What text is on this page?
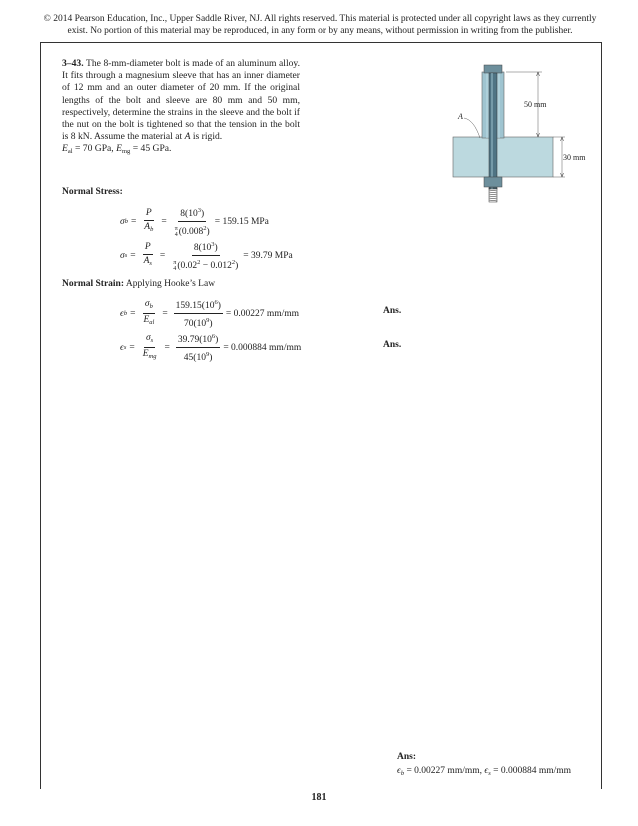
© 2014 Pearson Education, Inc., Upper Saddle River, NJ. All rights reserved. This material is protected under all copyright laws as they currently exist. No portion of this material may be reproduced, in any form or by any means, without permission in writing from the publisher.
3–43. The 8-mm-diameter bolt is made of an aluminum alloy. It fits through a magnesium sleeve that has an inner diameter of 12 mm and an outer diameter of 20 mm. If the original lengths of the bolt and sleeve are 80 mm and 50 mm, respectively, determine the strains in the sleeve and the bolt if the nut on the bolt is tightened so that the tension in the bolt is 8 kN. Assume the material at A is rigid.
$E_{al} = 70$ GPa, $E_{mg} = 45$ GPa.
50 mm
30 mm
A
Normal Stress:
σ $b = \frac{P}{A_b} = 8(10^3)$
π
4 $(0.008^2) = 159.15$ MPa
σ $s = \frac{P}{A_s} = 8(10^3)$
π
4 $(0.02^2 - 0.012^2) = 39.79$ MPa
Normal Strain: Applying Hooke’s Law
ϵ $b = \frac{\sigma_b}{E_{al}} = \frac{159.15(10^6)}{70(10^9)} = 0.00227$ mm/mm	Ans.
ϵ $s = \frac{\sigma_s}{E_{mg}} = \frac{39.79(10^6)}{45(10^9)} = 0.000884$ mm/mm	Ans.
Ans:
$\epsilon_b = 0.00227$ mm/mm, $\epsilon_s = 0.000884$ mm/mm
181
